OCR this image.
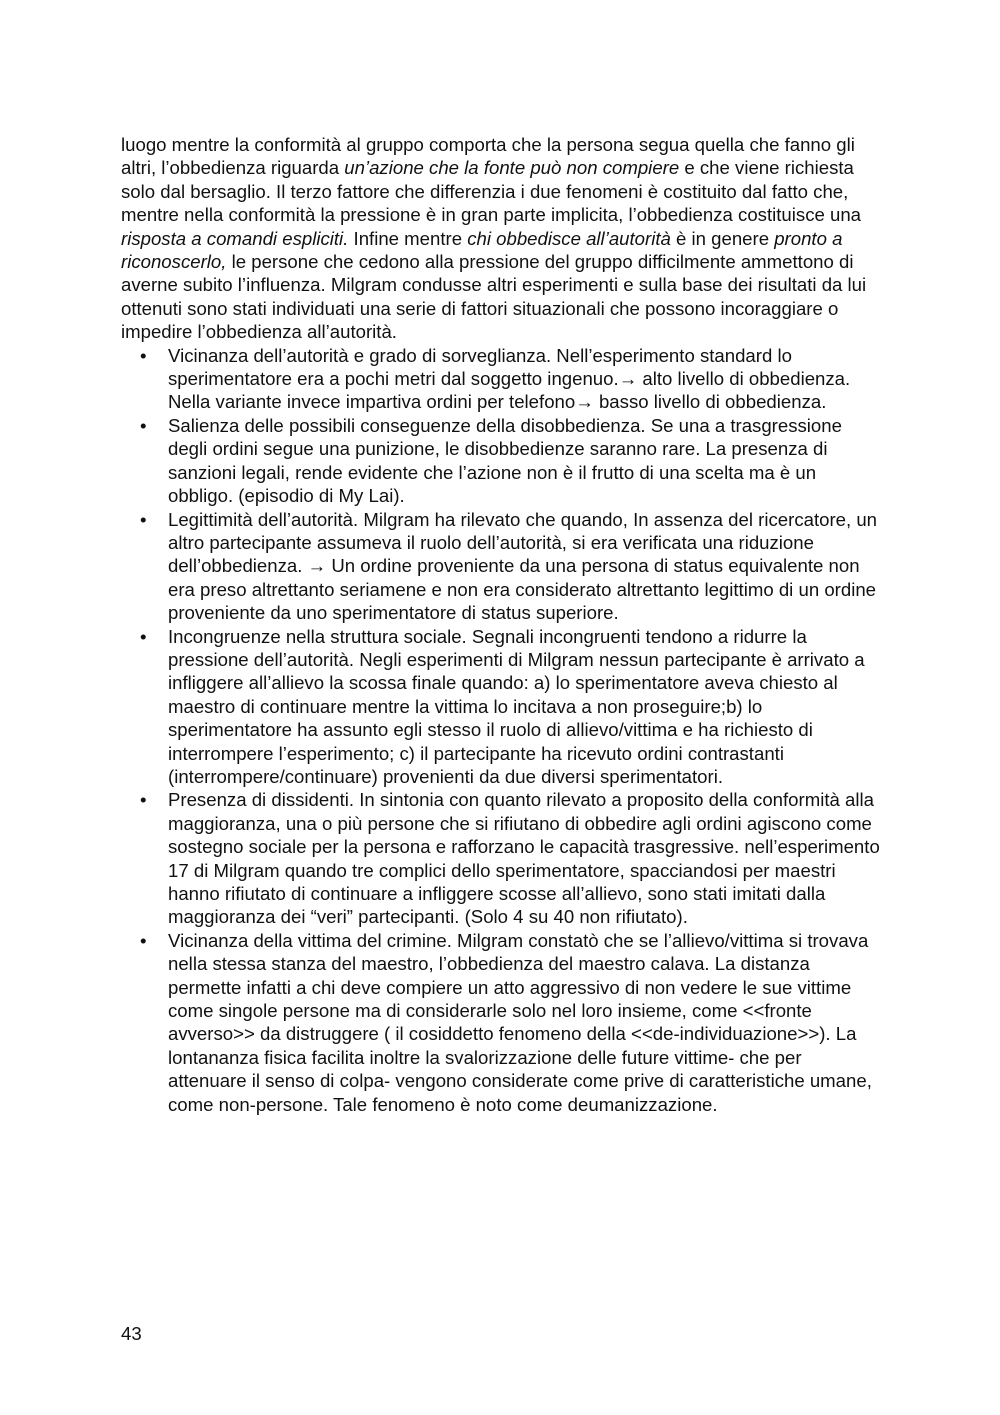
luogo mentre la conformità al gruppo comporta che la persona segua quella che fanno gli altri, l’obbedienza riguarda un’azione che la fonte può non compiere e che viene richiesta solo dal bersaglio. Il terzo fattore che differenzia i due fenomeni è costituito dal fatto che, mentre nella conformità la pressione è in gran parte implicita, l’obbedienza costituisce una risposta a comandi espliciti. Infine mentre chi obbedisce all’autorità è in genere pronto a riconoscerlo, le persone che cedono alla pressione del gruppo difficilmente ammettono di averne subito l’influenza. Milgram condusse altri esperimenti e sulla base dei risultati da lui ottenuti sono stati individuati una serie di fattori situazionali che possono incoraggiare o impedire l’obbedienza all’autorità.

• Vicinanza dell’autorità e grado di sorveglianza. Nell’esperimento standard lo sperimentatore era a pochi metri dal soggetto ingenuo.→ alto livello di obbedienza. Nella variante invece impartiva ordini per telefono→ basso livello di obbedienza.
• Salienza delle possibili conseguenze della disobbedienza. Se una a trasgressione degli ordini segue una punizione, le disobbedienze saranno rare. La presenza di sanzioni legali, rende evidente che l’azione non è il frutto di una scelta ma è un obbligo. (episodio di My Lai).
• Legittimità dell’autorità. Milgram ha rilevato che quando, In assenza del ricercatore, un altro partecipante assumeva il ruolo dell’autorità, si era verificata una riduzione dell’obbedienza. → Un ordine proveniente da una persona di status equivalente non era preso altrettanto seriamene e non era considerato altrettanto legittimo di un ordine proveniente da uno sperimentatore di status superiore.
• Incongruenze nella struttura sociale. Segnali incongruenti tendono a ridurre la pressione dell’autorità. Negli esperimenti di Milgram nessun partecipante è arrivato a infliggere all’allievo la scossa finale quando: a) lo sperimentatore aveva chiesto al maestro di continuare mentre la vittima lo incitava a non proseguire;b) lo sperimentatore ha assunto egli stesso il ruolo di allievo/vittima e ha richiesto di interrompere l’esperimento; c) il partecipante ha ricevuto ordini contrastanti (interrompere/continuare) provenienti da due diversi sperimentatori.
• Presenza di dissidenti. In sintonia con quanto rilevato a proposito della conformità alla maggioranza, una o più persone che si rifiutano di obbedire agli ordini agiscono come sostegno sociale per la persona e rafforzano le capacità trasgressive. nell’esperimento 17 di Milgram quando tre complici dello sperimentatore, spacciandosi per maestri hanno rifiutato di continuare a infliggere scosse all’allievo, sono stati imitati dalla maggioranza dei “veri” partecipanti. (Solo 4 su 40 non rifiutato).
• Vicinanza della vittima del crimine. Milgram constatò che se l’allievo/vittima si trovava nella stessa stanza del maestro, l’obbedienza del maestro calava. La distanza permette infatti a chi deve compiere un atto aggressivo di non vedere le sue vittime come singole persone ma di considerarle solo nel loro insieme, come <<fronte avverso>> da distruggere ( il cosiddetto fenomeno della <<de-individuazione>>). La lontananza fisica facilita inoltre la svalorizzazione delle future vittime- che per attenuare il senso di colpa- vengono considerate come prive di caratteristiche umane, come non-persone. Tale fenomeno è noto come deumanizzazione.
43
